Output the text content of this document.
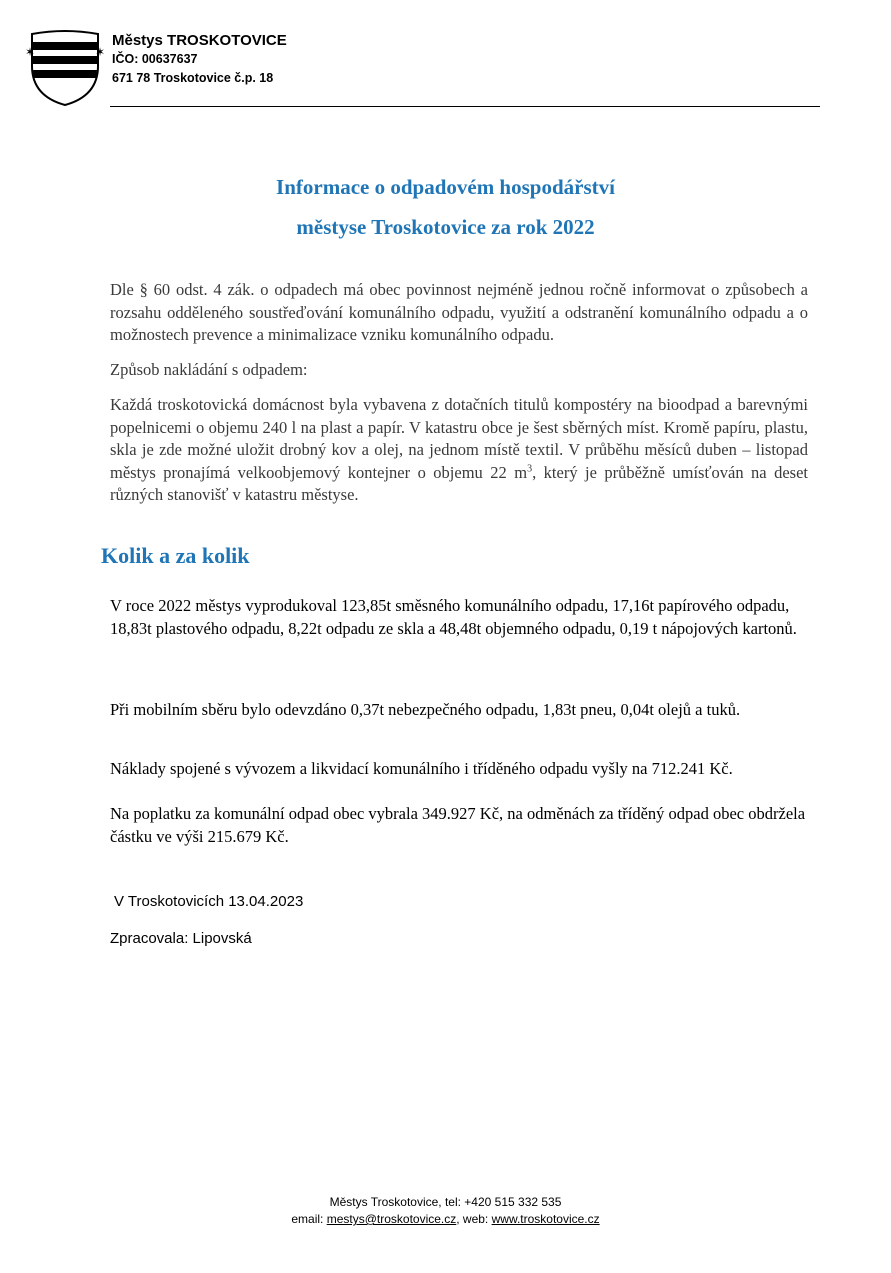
✶	✶
Městys TROSKOTOVICE
IČO: 00637637
671 78 Troskotovice č.p. 18
Informace o odpadovém hospodářství
městyse Troskotovice za rok 2022
Dle § 60 odst. 4 zák. o odpadech má obec povinnost nejméně jednou ročně informovat o způsobech a rozsahu odděleného soustřeďování komunálního odpadu, využití a odstranění komunálního odpadu a o možnostech prevence a minimalizace vzniku komunálního odpadu.
Způsob nakládání s odpadem:
Každá troskotovická domácnost byla vybavena z dotačních titulů kompostéry na bioodpad a barevnými popelnicemi o objemu 240 l na plast a papír. V katastru obce je šest sběrných míst. Kromě papíru, plastu, skla je zde možné uložit drobný kov a olej, na jednom místě textil. V průběhu měsíců duben – listopad městys pronajímá velkoobjemový kontejner o objemu 22 $m^3$, který je průběžně umísťován na deset různých stanovišť v katastru městyse.
Kolik a za kolik
V roce 2022 městys vyprodukoval 123,85t směsného komunálního odpadu, 17,16t papírového odpadu, 18,83t plastového odpadu, 8,22t odpadu ze skla a 48,48t objemného odpadu, 0,19 t nápojových kartonů.
Při mobilním sběru bylo odevzdáno 0,37t nebezpečného odpadu, 1,83t pneu, 0,04t olejů a tuků.
Náklady spojené s vývozem a likvidací komunálního i tříděného odpadu vyšly na 712.241 Kč.
Na poplatku za komunální odpad obec vybrala 349.927 Kč, na odměnách za tříděný odpad obec obdržela částku ve výši 215.679 Kč.
V Troskotovicích 13.04.2023
Zpracovala: Lipovská
Městys Troskotovice, tel: +420 515 332 535
email: mestys@troskotovice.cz, web: www.troskotovice.cz
